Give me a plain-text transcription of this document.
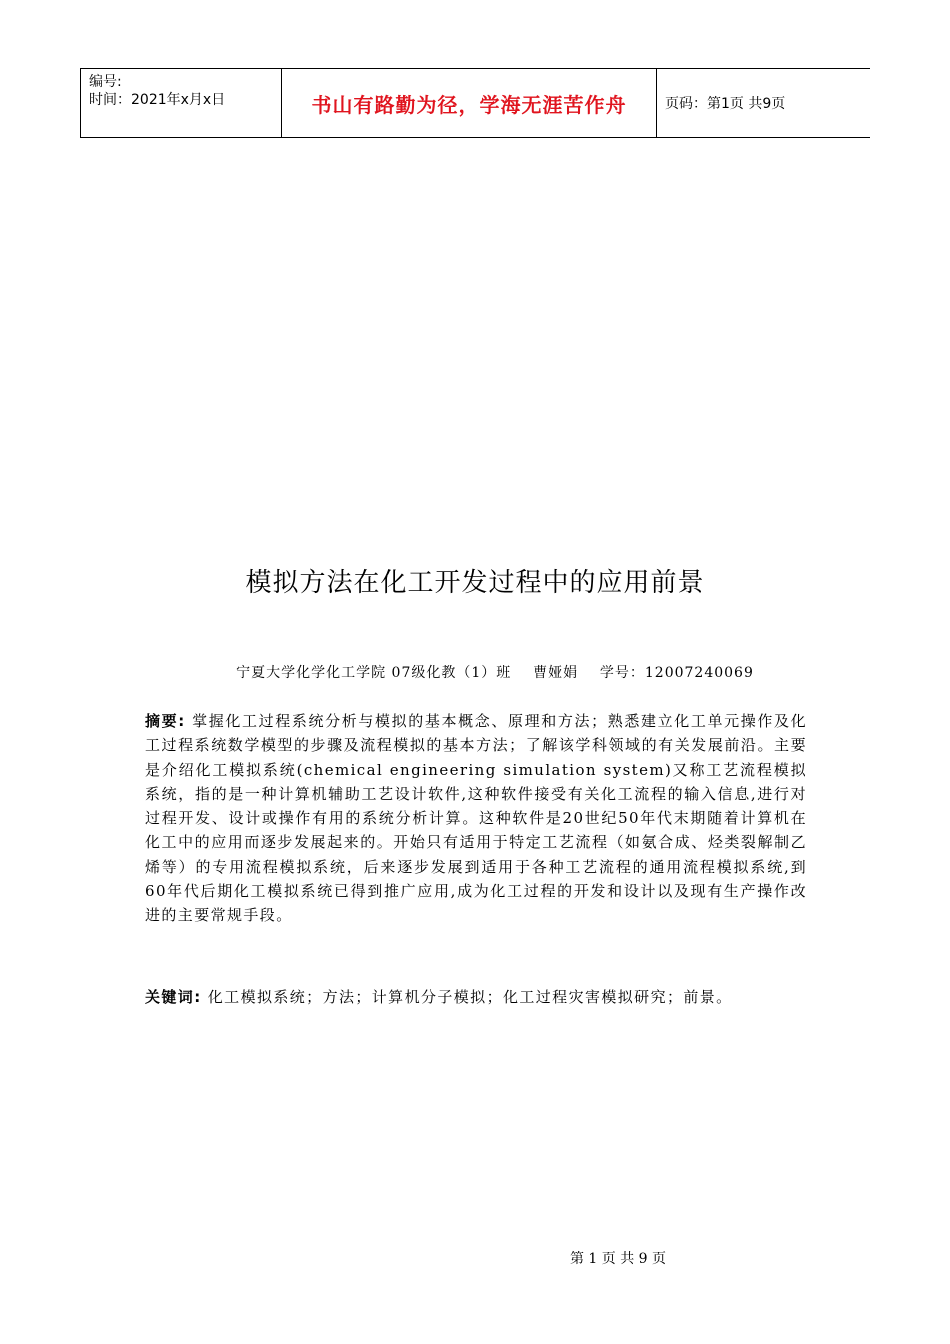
编号:
时间：2021年x月x日	书山有路勤为径，学海无涯苦作舟	页码：第1页 共9页
模拟方法在化工开发过程中的应用前景
宁夏大学化学化工学院 07级化教（1）班    曹娅娟    学号：12007240069
摘要: 掌握化工过程系统分析与模拟的基本概念、原理和方法；熟悉建立化工单元操作及化工过程系统数学模型的步骤及流程模拟的基本方法；了解该学科领域的有关发展前沿。主要是介绍化工模拟系统(chemical engineering simulation system)又称工艺流程模拟系统，指的是一种计算机辅助工艺设计软件,这种软件接受有关化工流程的输入信息,进行对过程开发、设计或操作有用的系统分析计算。这种软件是20世纪50年代末期随着计算机在化工中的应用而逐步发展起来的。开始只有适用于特定工艺流程（如氨合成、烃类裂解制乙烯等）的专用流程模拟系统，后来逐步发展到适用于各种工艺流程的通用流程模拟系统,到60年代后期化工模拟系统已得到推广应用,成为化工过程的开发和设计以及现有生产操作改进的主要常规手段。
关键词: 化工模拟系统；方法；计算机分子模拟；化工过程灾害模拟研究；前景。
第 1 页 共 9 页
